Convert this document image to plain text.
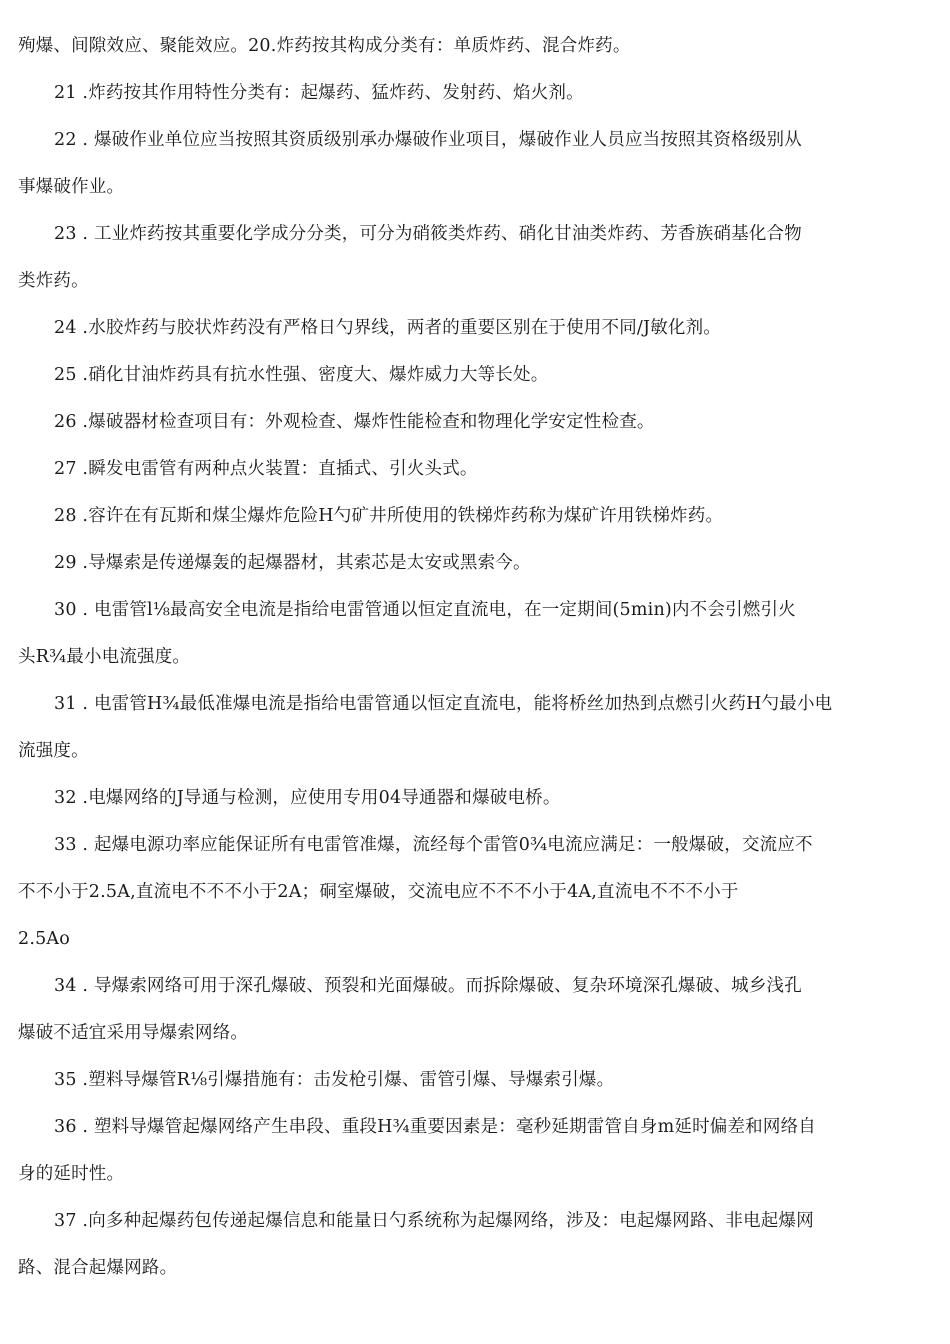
殉爆、间隙效应、聚能效应。20.炸药按其构成分类有：单质炸药、混合炸药。
21 .炸药按其作用特性分类有：起爆药、猛炸药、发射药、焰火剂。
22 . 爆破作业单位应当按照其资质级别承办爆破作业项目，爆破作业人员应当按照其资格级别从
事爆破作业。
23 . 工业炸药按其重要化学成分分类，可分为硝筱类炸药、硝化甘油类炸药、芳香族硝基化合物
类炸药。
24 .水胶炸药与胶状炸药没有严格日勺界线，两者的重要区别在于使用不同/J敏化剂。
25 .硝化甘油炸药具有抗水性强、密度大、爆炸威力大等长处。
26 .爆破器材检查项目有：外观检查、爆炸性能检查和物理化学安定性检查。
27 .瞬发电雷管有两种点火装置：直插式、引火头式。
28 .容许在有瓦斯和煤尘爆炸危险H勺矿井所使用的铁梯炸药称为煤矿许用铁梯炸药。
29 .导爆索是传递爆轰的起爆器材，其索芯是太安或黑索今。
30 . 电雷管l⅛最高安全电流是指给电雷管通以恒定直流电，在一定期间(5min)内不会引燃引火
头R¾最小电流强度。
31 . 电雷管H¾最低准爆电流是指给电雷管通以恒定直流电，能将桥丝加热到点燃引火药H勺最小电
流强度。
32 .电爆网络的J导通与检测，应使用专用04导通器和爆破电桥。
33 . 起爆电源功率应能保证所有电雷管准爆，流经每个雷管0¾电流应满足：一般爆破，交流应不
不不小于2.5A,直流电不不不小于2A；硐室爆破，交流电应不不不小于4A,直流电不不不小于
2.5Ao
34 . 导爆索网络可用于深孔爆破、预裂和光面爆破。而拆除爆破、复杂环境深孔爆破、城乡浅孔
爆破不适宜采用导爆索网络。
35 .塑料导爆管R⅛引爆措施有：击发枪引爆、雷管引爆、导爆索引爆。
36 . 塑料导爆管起爆网络产生串段、重段H¾重要因素是：毫秒延期雷管自身m延时偏差和网络自
身的延时性。
37 .向多种起爆药包传递起爆信息和能量日勺系统称为起爆网络，涉及：电起爆网路、非电起爆网
路、混合起爆网路。
